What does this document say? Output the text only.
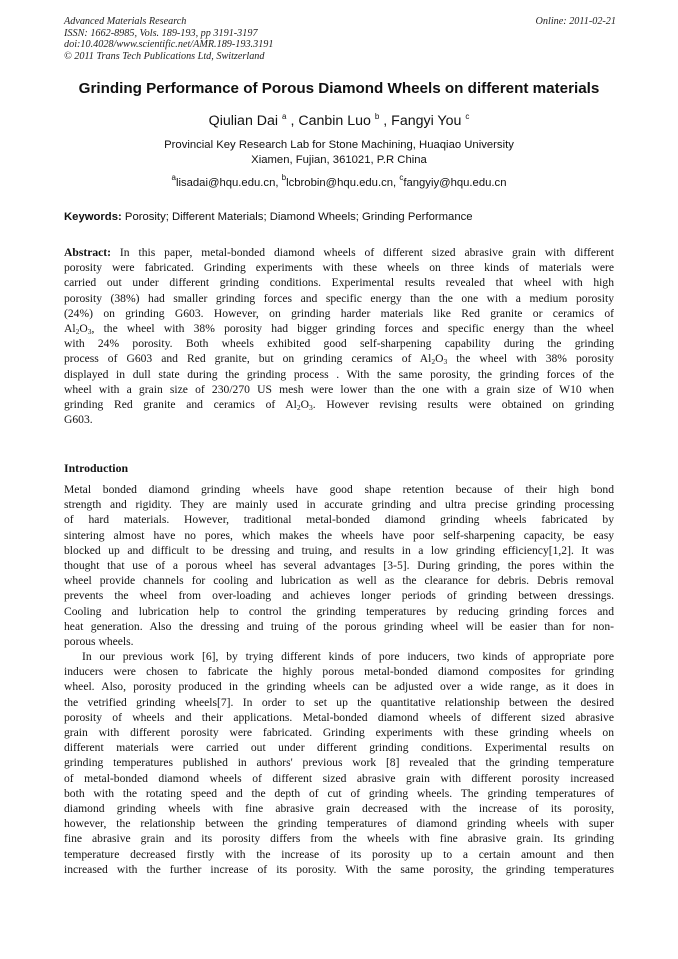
Advanced Materials Research
ISSN: 1662-8985, Vols. 189-193, pp 3191-3197
doi:10.4028/www.scientific.net/AMR.189-193.3191
© 2011 Trans Tech Publications Ltd, Switzerland
Online: 2011-02-21
Grinding Performance of Porous Diamond Wheels on different materials
Qiulian Dai $^a$ , Canbin Luo $^b$ , Fangyi You $^c$
Provincial Key Research Lab for Stone Machining, Huaqiao University
Xiamen, Fujian, 361021, P.R China
$^a$lisadai@hqu.edu.cn, $^b$lcbrobin@hqu.edu.cn, $^c$fangyiy@hqu.edu.cn
Keywords: Porosity; Different Materials; Diamond Wheels; Grinding Performance
Abstract: In this paper, metal-bonded diamond wheels of different sized abrasive grain with different
porosity were fabricated. Grinding experiments with these wheels on three kinds of materials were
carried out under different grinding conditions. Experimental results revealed that wheel with high
porosity (38%) had smaller grinding forces and specific energy than the one with a medium porosity
(24%) on grinding G603. However, on grinding harder materials like Red granite or ceramics of
$Al_2O_3$, the wheel with 38% porosity had bigger grinding forces and specific energy than the wheel
with 24% porosity. Both wheels exhibited good self-sharpening capability during the grinding
process of G603 and Red granite, but on grinding ceramics of $Al_2O_3$ the wheel with 38% porosity
displayed in dull state during the grinding process . With the same porosity, the grinding forces of the
wheel with a grain size of 230/270 US mesh were lower than the one with a grain size of W10 when
grinding Red granite and ceramics of $Al_2O_3$. However revising results were obtained on grinding
G603.
Introduction
Metal bonded diamond grinding wheels have good shape retention because of their high bond
strength and rigidity. They are mainly used in accurate grinding and ultra precise grinding processing
of hard materials. However, traditional metal-bonded diamond grinding wheels fabricated by
sintering almost have no pores, which makes the wheels have poor self-sharpening capacity, be easy
blocked up and difficult to be dressing and truing, and results in a low grinding efficiency[1,2]. It was
thought that use of a porous wheel has several advantages [3-5]. During grinding, the pores within the
wheel provide channels for cooling and lubrication as well as the clearance for debris. Debris removal
prevents the wheel from over-loading and achieves longer periods of grinding between dressings.
Cooling and lubrication help to control the grinding temperatures by reducing grinding forces and
heat generation. Also the dressing and truing of the porous grinding wheel will be easier than for non-
porous wheels.
In our previous work [6], by trying different kinds of pore inducers, two kinds of appropriate pore
inducers were chosen to fabricate the highly porous metal-bonded diamond composites for grinding
wheel. Also, porosity produced in the grinding wheels can be adjusted over a wide range, as it does in
the vetrified grinding wheels[7]. In order to set up the quantitative relationship between the desired
porosity of wheels and their applications. Metal-bonded diamond wheels of different sized abrasive
grain with different porosity were fabricated. Grinding experiments with these grinding wheels on
different materials were carried out under different grinding conditions. Experimental results on
grinding temperatures published in authors' previous work [8] revealed that the grinding temperature
of metal-bonded diamond wheels of different sized abrasive grain with different porosity increased
both with the rotating speed and the depth of cut of grinding wheels. The grinding temperatures of
diamond grinding wheels with fine abrasive grain decreased with the increase of its porosity,
however, the relationship between the grinding temperatures of diamond grinding wheels with super
fine abrasive grain and its porosity differs from the wheels with fine abrasive grain. Its grinding
temperature decreased firstly with the increase of its porosity up to a certain amount and then
increased with the further increase of its porosity. With the same porosity, the grinding temperatures
